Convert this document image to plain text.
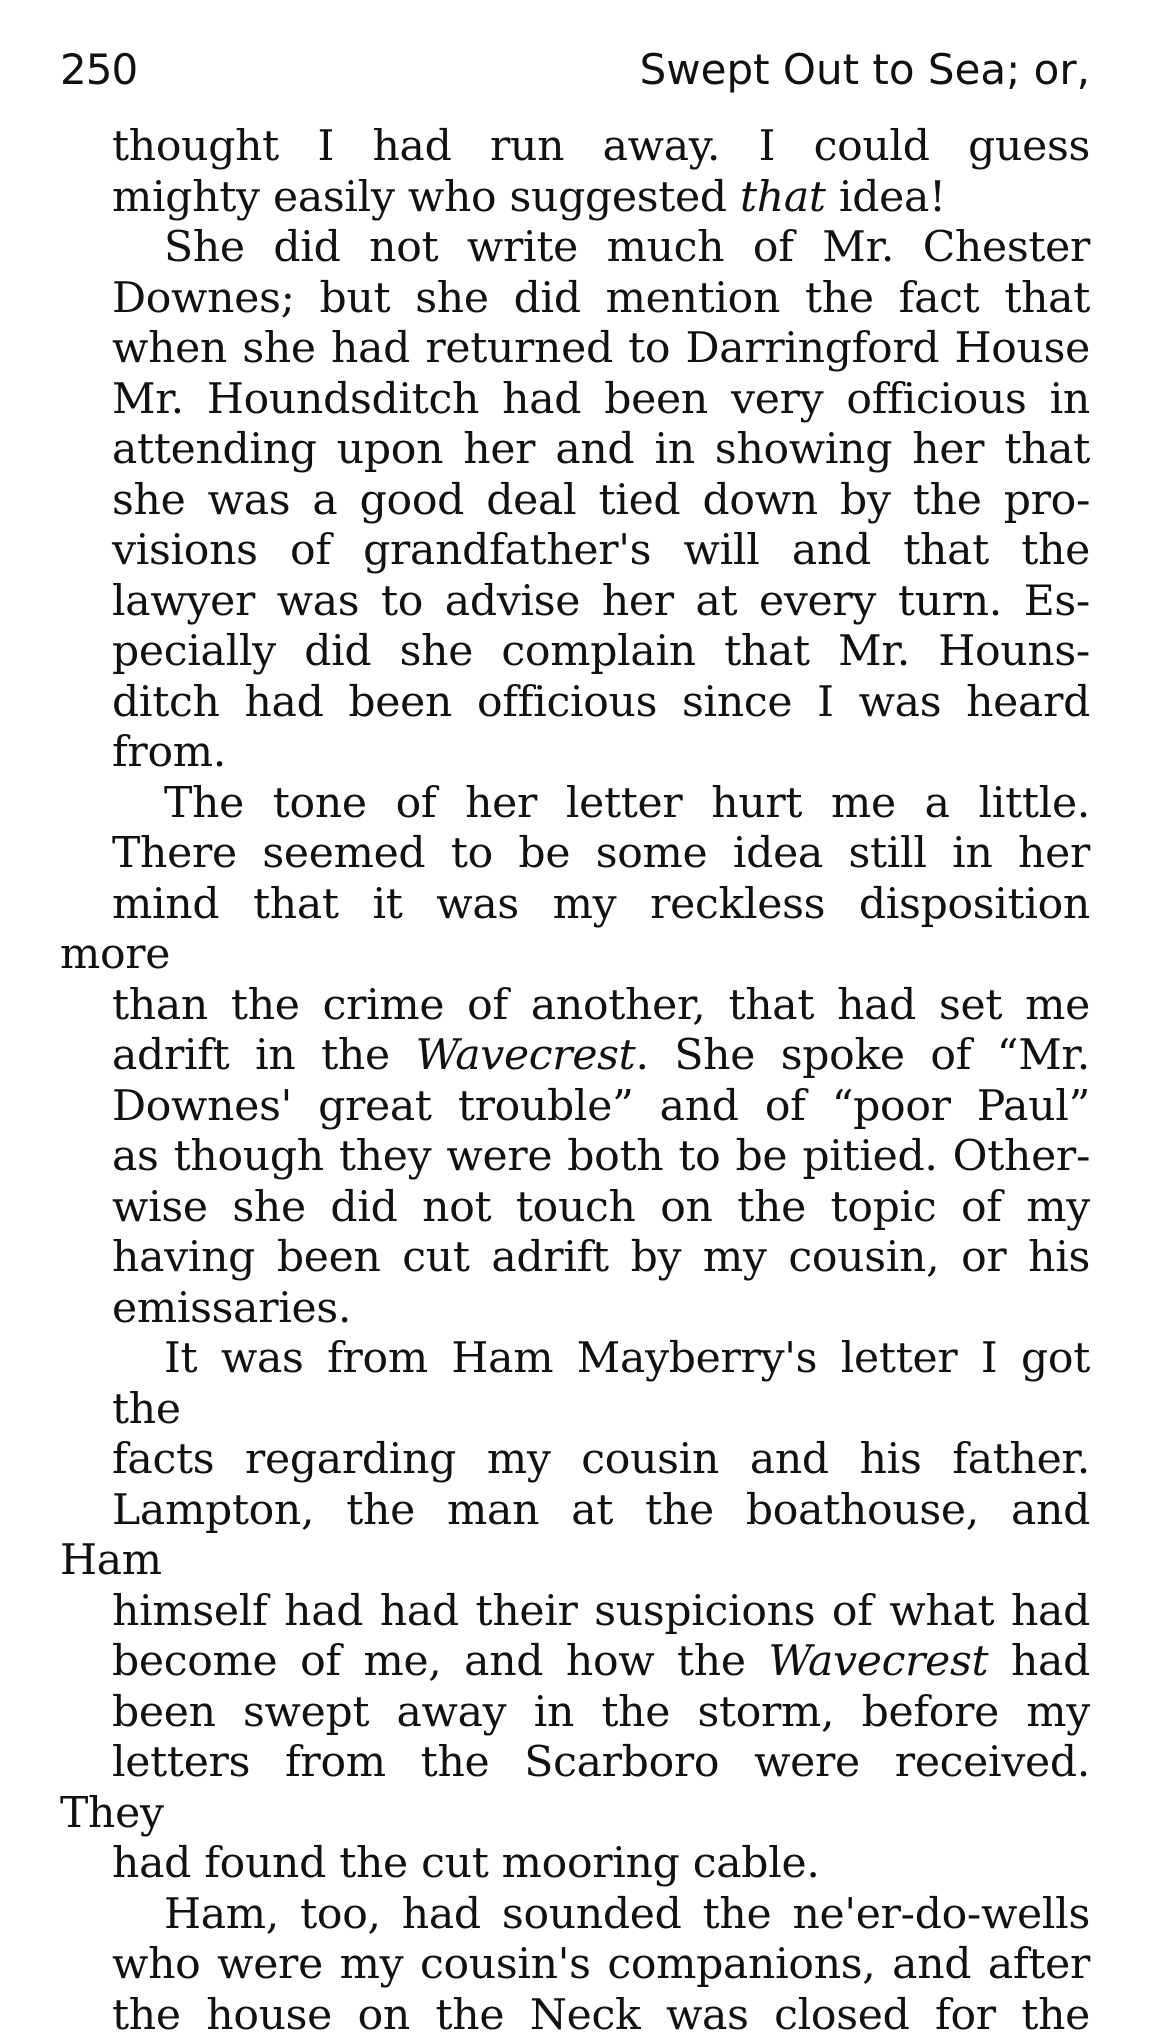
250	Swept Out to Sea; or,
thought I had run away. I could guess
mighty easily who suggested that idea!
She did not write much of Mr. Chester
Downes; but she did mention the fact that
when she had returned to Darringford House
Mr. Houndsditch had been very officious in
attending upon her and in showing her that
she was a good deal tied down by the pro-
visions of grandfather's will and that the
lawyer was to advise her at every turn. Es-
pecially did she complain that Mr. Houns-
ditch had been officious since I was heard
from.
The tone of her letter hurt me a little.
There seemed to be some idea still in her
mind that it was my reckless disposition more
than the crime of another, that had set me
adrift in the Wavecrest. She spoke of “Mr.
Downes' great trouble” and of “poor Paul”
as though they were both to be pitied. Other-
wise she did not touch on the topic of my
having been cut adrift by my cousin, or his
emissaries.
It was from Ham Mayberry's letter I got the
facts regarding my cousin and his father.
Lampton, the man at the boathouse, and Ham
himself had had their suspicions of what had
become of me, and how the Wavecrest had
been swept away in the storm, before my
letters from the Scarboro were received. They
had found the cut mooring cable.
Ham, too, had sounded the ne'er-do-wells
who were my cousin's companions, and after
the house on the Neck was closed for the
